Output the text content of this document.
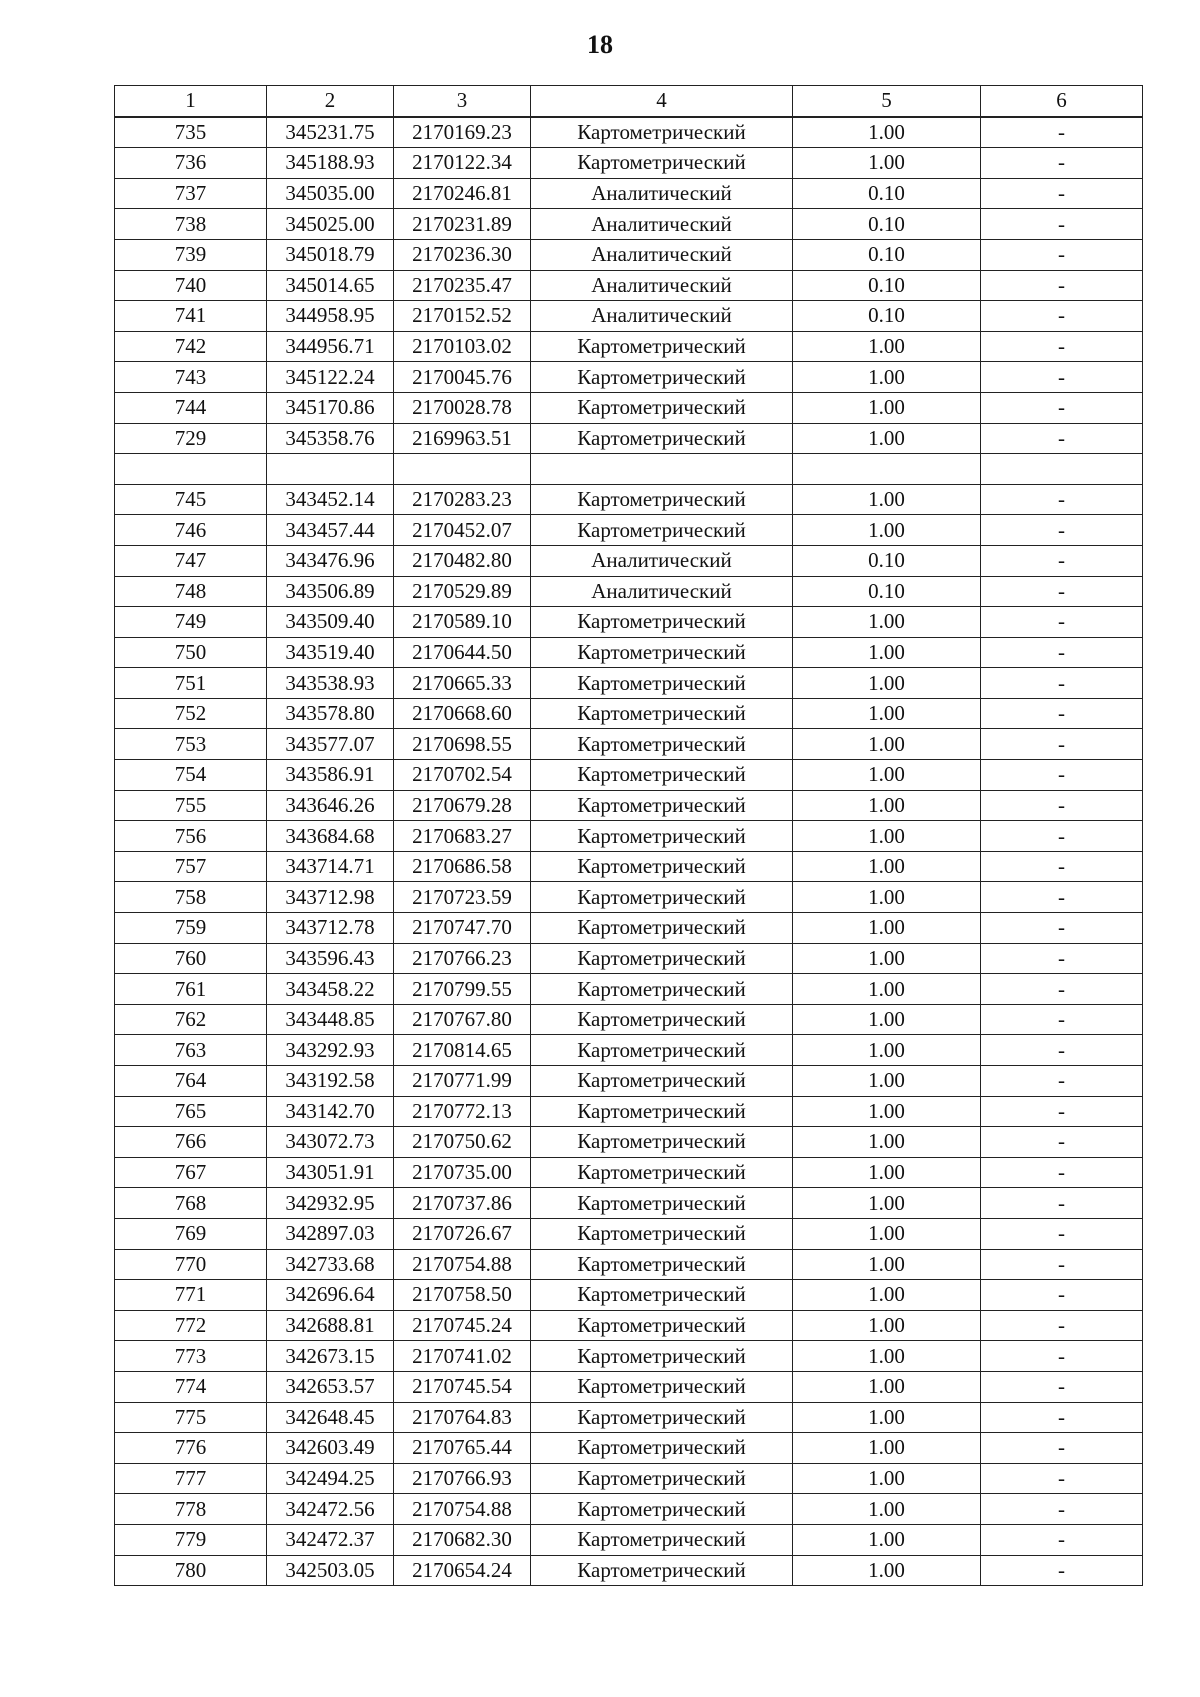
18
1	2	3	4	5	6
735	345231.75	2170169.23	Картометрический	1.00	-
736	345188.93	2170122.34	Картометрический	1.00	-
737	345035.00	2170246.81	Аналитический	0.10	-
738	345025.00	2170231.89	Аналитический	0.10	-
739	345018.79	2170236.30	Аналитический	0.10	-
740	345014.65	2170235.47	Аналитический	0.10	-
741	344958.95	2170152.52	Аналитический	0.10	-
742	344956.71	2170103.02	Картометрический	1.00	-
743	345122.24	2170045.76	Картометрический	1.00	-
744	345170.86	2170028.78	Картометрический	1.00	-
729	345358.76	2169963.51	Картометрический	1.00	-

745	343452.14	2170283.23	Картометрический	1.00	-
746	343457.44	2170452.07	Картометрический	1.00	-
747	343476.96	2170482.80	Аналитический	0.10	-
748	343506.89	2170529.89	Аналитический	0.10	-
749	343509.40	2170589.10	Картометрический	1.00	-
750	343519.40	2170644.50	Картометрический	1.00	-
751	343538.93	2170665.33	Картометрический	1.00	-
752	343578.80	2170668.60	Картометрический	1.00	-
753	343577.07	2170698.55	Картометрический	1.00	-
754	343586.91	2170702.54	Картометрический	1.00	-
755	343646.26	2170679.28	Картометрический	1.00	-
756	343684.68	2170683.27	Картометрический	1.00	-
757	343714.71	2170686.58	Картометрический	1.00	-
758	343712.98	2170723.59	Картометрический	1.00	-
759	343712.78	2170747.70	Картометрический	1.00	-
760	343596.43	2170766.23	Картометрический	1.00	-
761	343458.22	2170799.55	Картометрический	1.00	-
762	343448.85	2170767.80	Картометрический	1.00	-
763	343292.93	2170814.65	Картометрический	1.00	-
764	343192.58	2170771.99	Картометрический	1.00	-
765	343142.70	2170772.13	Картометрический	1.00	-
766	343072.73	2170750.62	Картометрический	1.00	-
767	343051.91	2170735.00	Картометрический	1.00	-
768	342932.95	2170737.86	Картометрический	1.00	-
769	342897.03	2170726.67	Картометрический	1.00	-
770	342733.68	2170754.88	Картометрический	1.00	-
771	342696.64	2170758.50	Картометрический	1.00	-
772	342688.81	2170745.24	Картометрический	1.00	-
773	342673.15	2170741.02	Картометрический	1.00	-
774	342653.57	2170745.54	Картометрический	1.00	-
775	342648.45	2170764.83	Картометрический	1.00	-
776	342603.49	2170765.44	Картометрический	1.00	-
777	342494.25	2170766.93	Картометрический	1.00	-
778	342472.56	2170754.88	Картометрический	1.00	-
779	342472.37	2170682.30	Картометрический	1.00	-
780	342503.05	2170654.24	Картометрический	1.00	-
